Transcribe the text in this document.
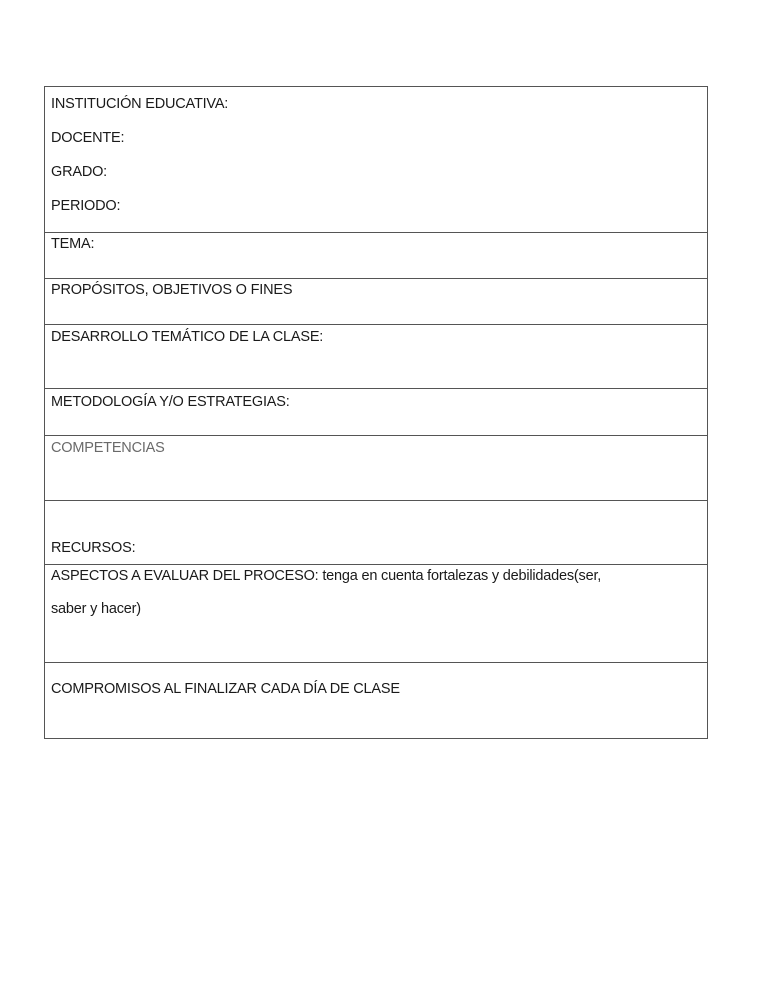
INSTITUCIÓN EDUCATIVA:
DOCENTE:
GRADO:
PERIODO:
TEMA:
PROPÓSITOS, OBJETIVOS O FINES
DESARROLLO TEMÁTICO DE LA CLASE:
METODOLOGÍA Y/O ESTRATEGIAS:
COMPETENCIAS
RECURSOS:
ASPECTOS A EVALUAR DEL PROCESO: tenga en cuenta fortalezas y debilidades(ser,
saber y hacer)
COMPROMISOS AL FINALIZAR CADA DÍA DE CLASE
